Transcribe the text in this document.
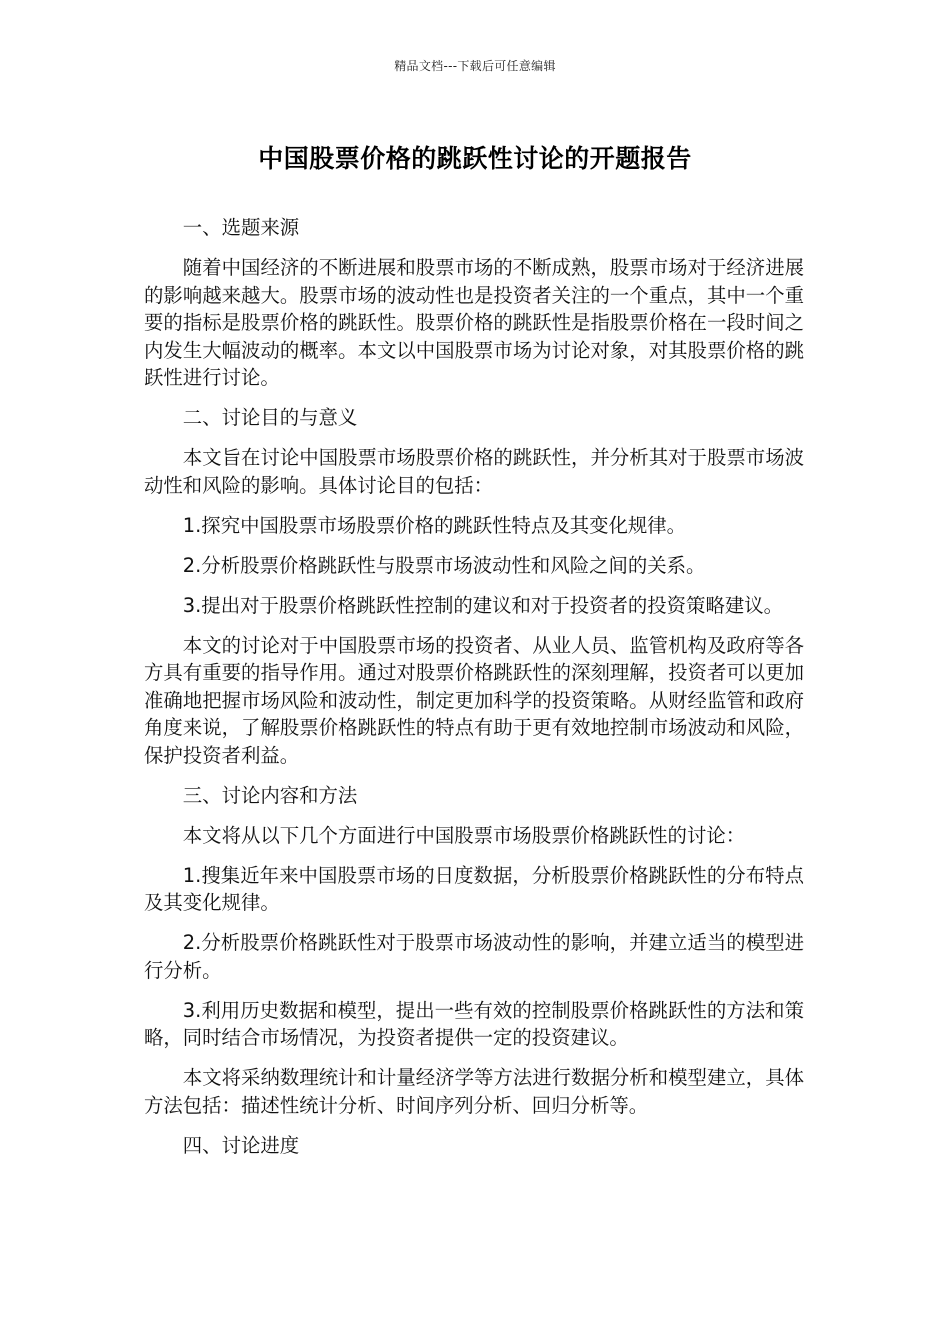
精品文档---下载后可任意编辑
中国股票价格的跳跃性讨论的开题报告

一、选题来源

随着中国经济的不断进展和股票市场的不断成熟，股票市场对于经济进展的影响越来越大。股票市场的波动性也是投资者关注的一个重点，其中一个重要的指标是股票价格的跳跃性。股票价格的跳跃性是指股票价格在一段时间之内发生大幅波动的概率。本文以中国股票市场为讨论对象，对其股票价格的跳跃性进行讨论。

二、讨论目的与意义

本文旨在讨论中国股票市场股票价格的跳跃性，并分析其对于股票市场波动性和风险的影响。具体讨论目的包括：

1.探究中国股票市场股票价格的跳跃性特点及其变化规律。

2.分析股票价格跳跃性与股票市场波动性和风险之间的关系。

3.提出对于股票价格跳跃性控制的建议和对于投资者的投资策略建议。

本文的讨论对于中国股票市场的投资者、从业人员、监管机构及政府等各方具有重要的指导作用。通过对股票价格跳跃性的深刻理解，投资者可以更加准确地把握市场风险和波动性，制定更加科学的投资策略。从财经监管和政府角度来说，了解股票价格跳跃性的特点有助于更有效地控制市场波动和风险，保护投资者利益。

三、讨论内容和方法

本文将从以下几个方面进行中国股票市场股票价格跳跃性的讨论：

1.搜集近年来中国股票市场的日度数据，分析股票价格跳跃性的分布特点及其变化规律。

2.分析股票价格跳跃性对于股票市场波动性的影响，并建立适当的模型进行分析。

3.利用历史数据和模型，提出一些有效的控制股票价格跳跃性的方法和策略，同时结合市场情况，为投资者提供一定的投资建议。

本文将采纳数理统计和计量经济学等方法进行数据分析和模型建立，具体方法包括：描述性统计分析、时间序列分析、回归分析等。

四、讨论进度
